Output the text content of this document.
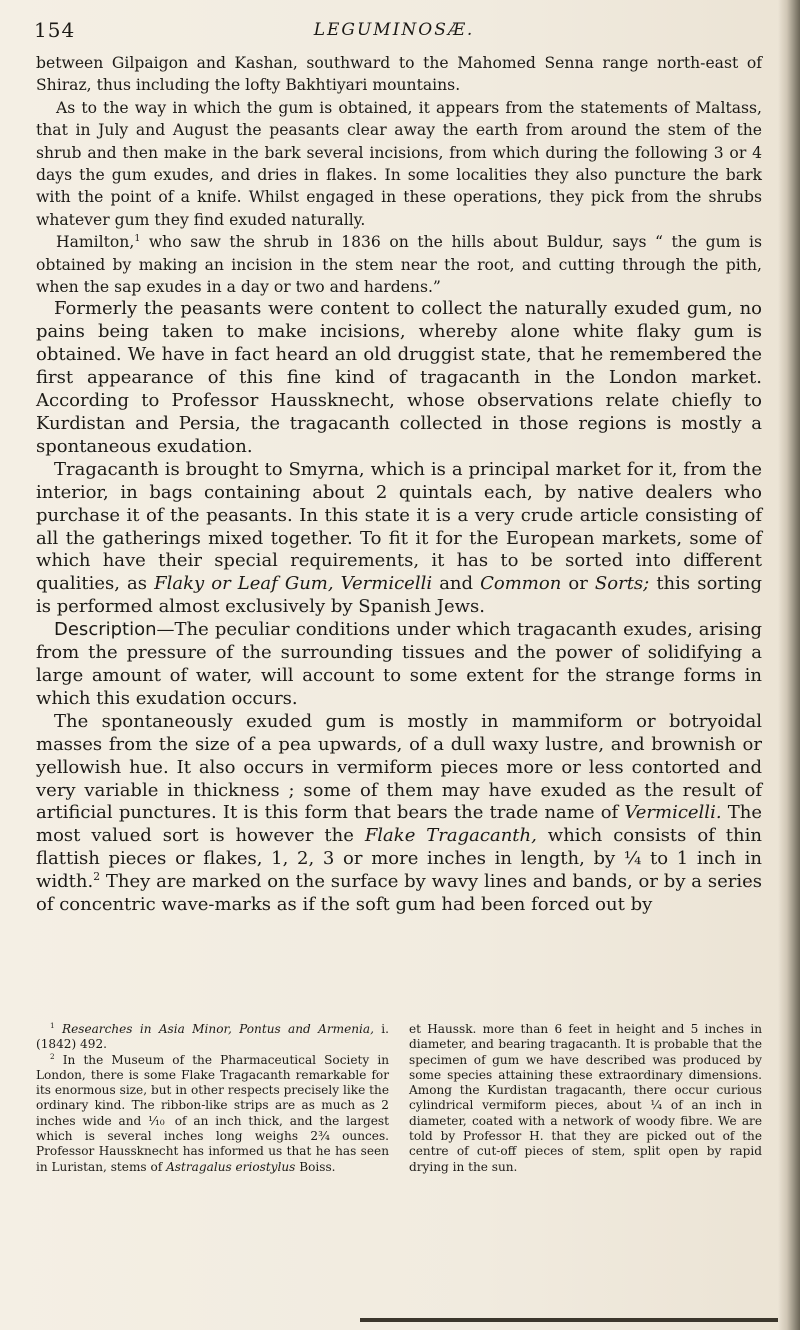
154	LEGUMINOSÆ.

between Gilpaigon and Kashan, southward to the Mahomed Senna range north-east of Shiraz, thus including the lofty Bakhtiyari mountains.

As to the way in which the gum is obtained, it appears from the statements of Maltass, that in July and August the peasants clear away the earth from around the stem of the shrub and then make in the bark several incisions, from which during the following 3 or 4 days the gum exudes, and dries in flakes. In some localities they also puncture the bark with the point of a knife. Whilst engaged in these operations, they pick from the shrubs whatever gum they find exuded naturally.

Hamilton,$^1$ who saw the shrub in 1836 on the hills about Buldur, says “ the gum is obtained by making an incision in the stem near the root, and cutting through the pith, when the sap exudes in a day or two and hardens.”

Formerly the peasants were content to collect the naturally exuded gum, no pains being taken to make incisions, whereby alone white flaky gum is obtained. We have in fact heard an old druggist state, that he remembered the first appearance of this fine kind of tragacanth in the London market. According to Professor Haussknecht, whose observations relate chiefly to Kurdistan and Persia, the tragacanth collected in those regions is mostly a spontaneous exudation.

Tragacanth is brought to Smyrna, which is a principal market for it, from the interior, in bags containing about 2 quintals each, by native dealers who purchase it of the peasants. In this state it is a very crude article consisting of all the gatherings mixed together. To fit it for the European markets, some of which have their special requirements, it has to be sorted into different qualities, as Flaky or Leaf Gum, Vermicelli and Common or Sorts; this sorting is performed almost exclusively by Spanish Jews.

Description—The peculiar conditions under which tragacanth exudes, arising from the pressure of the surrounding tissues and the power of solidifying a large amount of water, will account to some extent for the strange forms in which this exudation occurs.

The spontaneously exuded gum is mostly in mammiform or botryoidal masses from the size of a pea upwards, of a dull waxy lustre, and brownish or yellowish hue. It also occurs in vermiform pieces more or less contorted and very variable in thickness ; some of them may have exuded as the result of artificial punctures. It is this form that bears the trade name of Vermicelli. The most valued sort is however the Flake Tragacanth, which consists of thin flattish pieces or flakes, 1, 2, 3 or more inches in length, by ¼ to 1 inch in width.$^2$ They are marked on the surface by wavy lines and bands, or by a series of concentric wave-marks as if the soft gum had been forced out by

$^1$ Researches in Asia Minor, Pontus and Armenia, i. (1842) 492.

$^2$ In the Museum of the Pharmaceutical Society in London, there is some Flake Tragacanth remarkable for its enormous size, but in other respects precisely like the ordinary kind. The ribbon-like strips are as much as 2 inches wide and ⅒ of an inch thick, and the largest which is several inches long weighs 2¾ ounces. Professor Haussknecht has informed us that he has seen in Luristan, stems of Astragalus eriostylus Boiss.

et Haussk. more than 6 feet in height and 5 inches in diameter, and bearing tragacanth. It is probable that the specimen of gum we have described was produced by some species attaining these extraordinary dimensions. Among the Kurdistan tragacanth, there occur curious cylindrical vermiform pieces, about ¼ of an inch in diameter, coated with a network of woody fibre. We are told by Professor H. that they are picked out of the centre of cut-off pieces of stem, split open by rapid drying in the sun.
